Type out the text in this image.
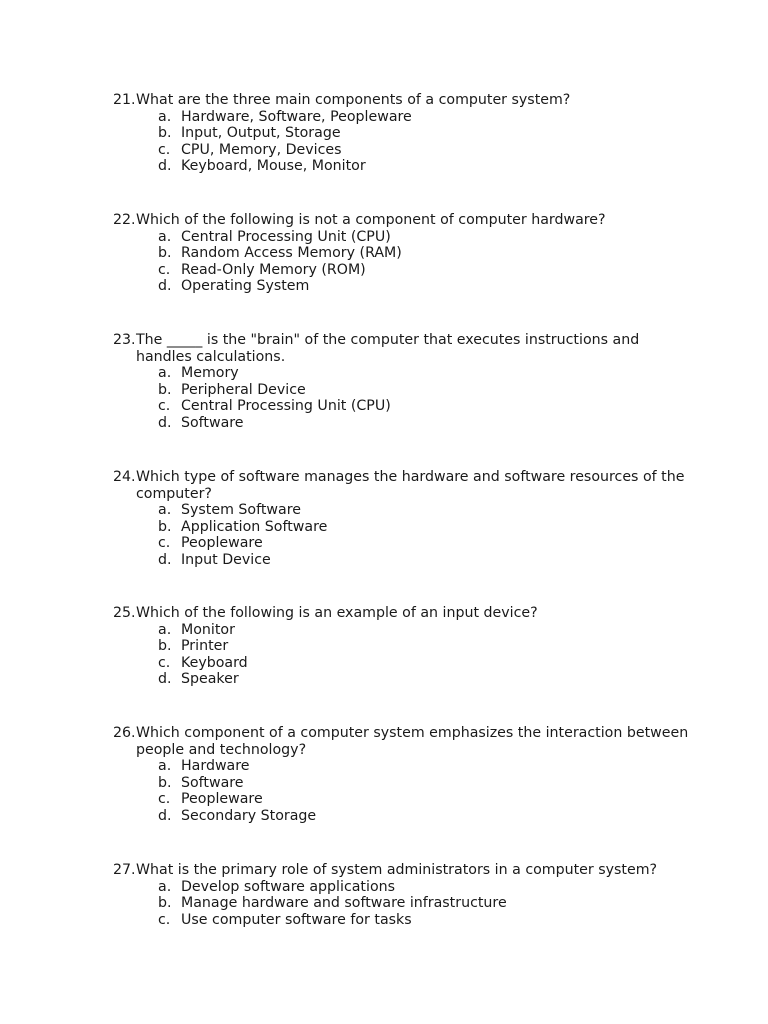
21. What are the three main components of a computer system?
a. Hardware, Software, Peopleware
b. Input, Output, Storage
c. CPU, Memory, Devices
d. Keyboard, Mouse, Monitor
22. Which of the following is not a component of computer hardware?
a. Central Processing Unit (CPU)
b. Random Access Memory (RAM)
c. Read-Only Memory (ROM)
d. Operating System
23. The _____ is the "brain" of the computer that executes instructions and handles calculations.
a. Memory
b. Peripheral Device
c. Central Processing Unit (CPU)
d. Software
24. Which type of software manages the hardware and software resources of the computer?
a. System Software
b. Application Software
c. Peopleware
d. Input Device
25. Which of the following is an example of an input device?
a. Monitor
b. Printer
c. Keyboard
d. Speaker
26. Which component of a computer system emphasizes the interaction between people and technology?
a. Hardware
b. Software
c. Peopleware
d. Secondary Storage
27. What is the primary role of system administrators in a computer system?
a. Develop software applications
b. Manage hardware and software infrastructure
c. Use computer software for tasks
